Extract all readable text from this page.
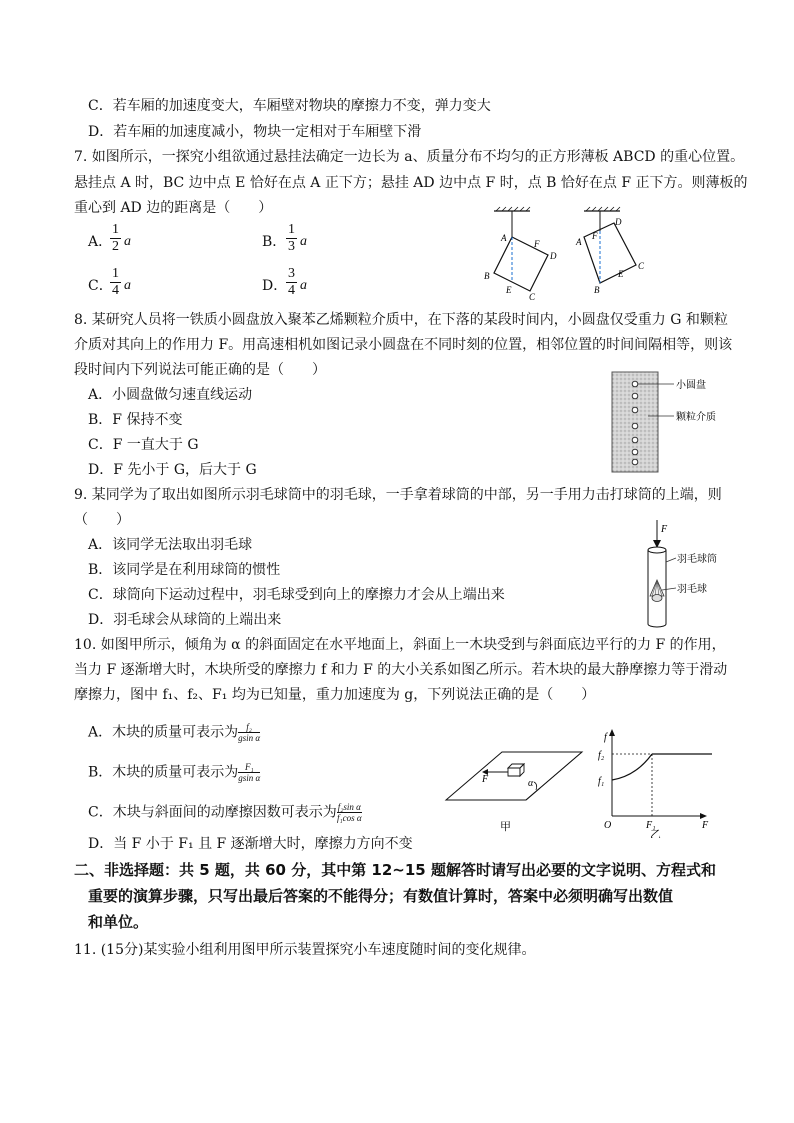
C．若车厢的加速度变大，车厢壁对物块的摩擦力不变，弹力变大
D．若车厢的加速度减小，物块一定相对于车厢壁下滑
7. 如图所示，一探究小组欲通过悬挂法确定一边长为 a、质量分布不均匀的正方形薄板 ABCD 的重心位置。
悬挂点 A 时，BC 边中点 E 恰好在点 A 正下方；悬挂 AD 边中点 F 时，点 B 恰好在点 F 正下方。则薄板的
重心到 AD 边的距离是（　　）
A．
$\frac{1}{2}$ a	B． $\frac{1}{3}$ a
C．
$\frac{1}{4}$ a	D．
$\frac{3}{4}$ a
A
F
D
B
E
C
A
F
D
C
E
B
8. 某研究人员将一铁质小圆盘放入聚苯乙烯颗粒介质中，在下落的某段时间内，小圆盘仅受重力 G 和颗粒
介质对其向上的作用力 F。用高速相机如图记录小圆盘在不同时刻的位置，相邻位置的时间间隔相等，则该
段时间内下列说法可能正确的是（　　）
A．小圆盘做匀速直线运动
B．F 保持不变
C．F 一直大于 G
D．F 先小于 G，后大于 G
小圆盘
颗粒介质
9. 某同学为了取出如图所示羽毛球筒中的羽毛球，一手拿着球筒的中部，另一手用力击打球筒的上端，则
（　　）
A．该同学无法取出羽毛球
B．该同学是在利用球筒的惯性
C．球筒向下运动过程中，羽毛球受到向上的摩擦力才会从上端出来
D．羽毛球会从球筒的上端出来
F
羽毛球筒
羽毛球
10. 如图甲所示，倾角为 α 的斜面固定在水平地面上，斜面上一木块受到与斜面底边平行的力 F 的作用，
当力 F 逐渐增大时，木块所受的摩擦力 f 和力 F 的大小关系如图乙所示。若木块的最大静摩擦力等于滑动
摩擦力，图中 f₁、f₂、F₁ 均为已知量，重力加速度为 g，下列说法正确的是（　　）
A．木块的质量可表示为 $\frac{\text{f₂}}{\text{gsin α}}$
B．木块的质量可表示为 $\frac{\text{F₁}}{\text{gsin α}}$
C．木块与斜面间的动摩擦因数可表示为 $\frac{\text{f₂sin α}}{\text{f₁cos α}}$
D．当 F 小于 F₁ 且 F 逐渐增大时，摩擦力方向不变
α
F
甲
f
F
O
f₂
f₁
F₁
乙
二、非选择题：共 5 题，共 60 分，其中第 12~15 题解答时请写出必要的文字说明、方程式和
重要的演算步骤，只写出最后答案的不能得分；有数值计算时，答案中必须明确写出数值
和单位。
11. (15分)某实验小组利用图甲所示装置探究小车速度随时间的变化规律。
